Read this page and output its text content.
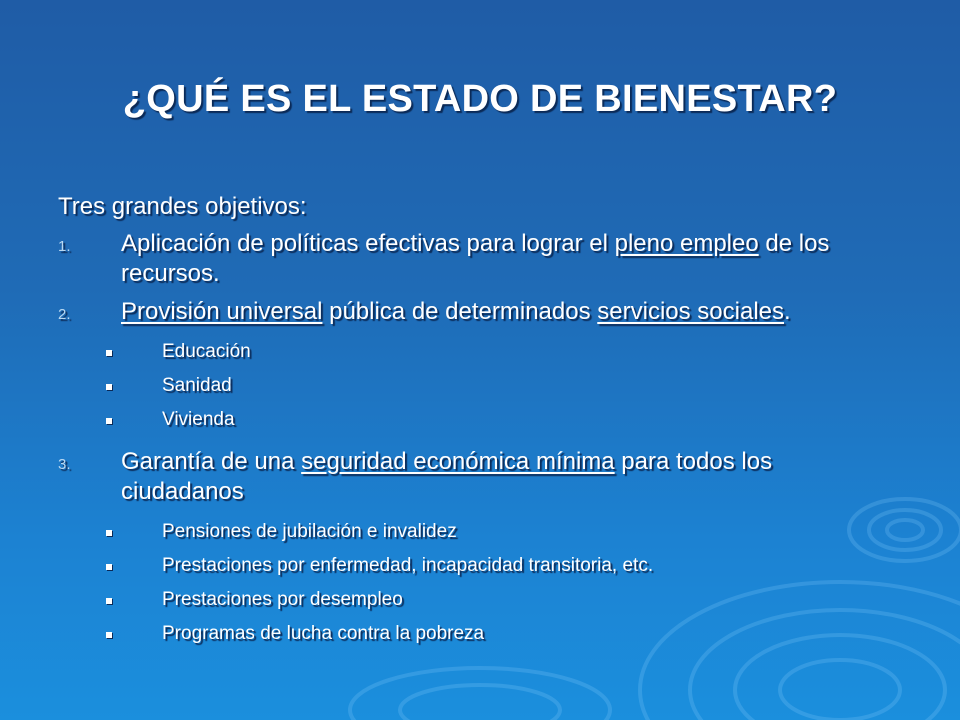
¿QUÉ ES EL ESTADO DE BIENESTAR?
Tres grandes objetivos:
1. Aplicación de políticas efectivas para lograr el pleno empleo de los recursos.
2. Provisión universal pública de determinados servicios sociales.
Educación
Sanidad
Vivienda
3. Garantía de una seguridad económica mínima para todos los ciudadanos
Pensiones de jubilación e invalidez
Prestaciones por enfermedad, incapacidad transitoria, etc.
Prestaciones por desempleo
Programas de lucha contra la pobreza
